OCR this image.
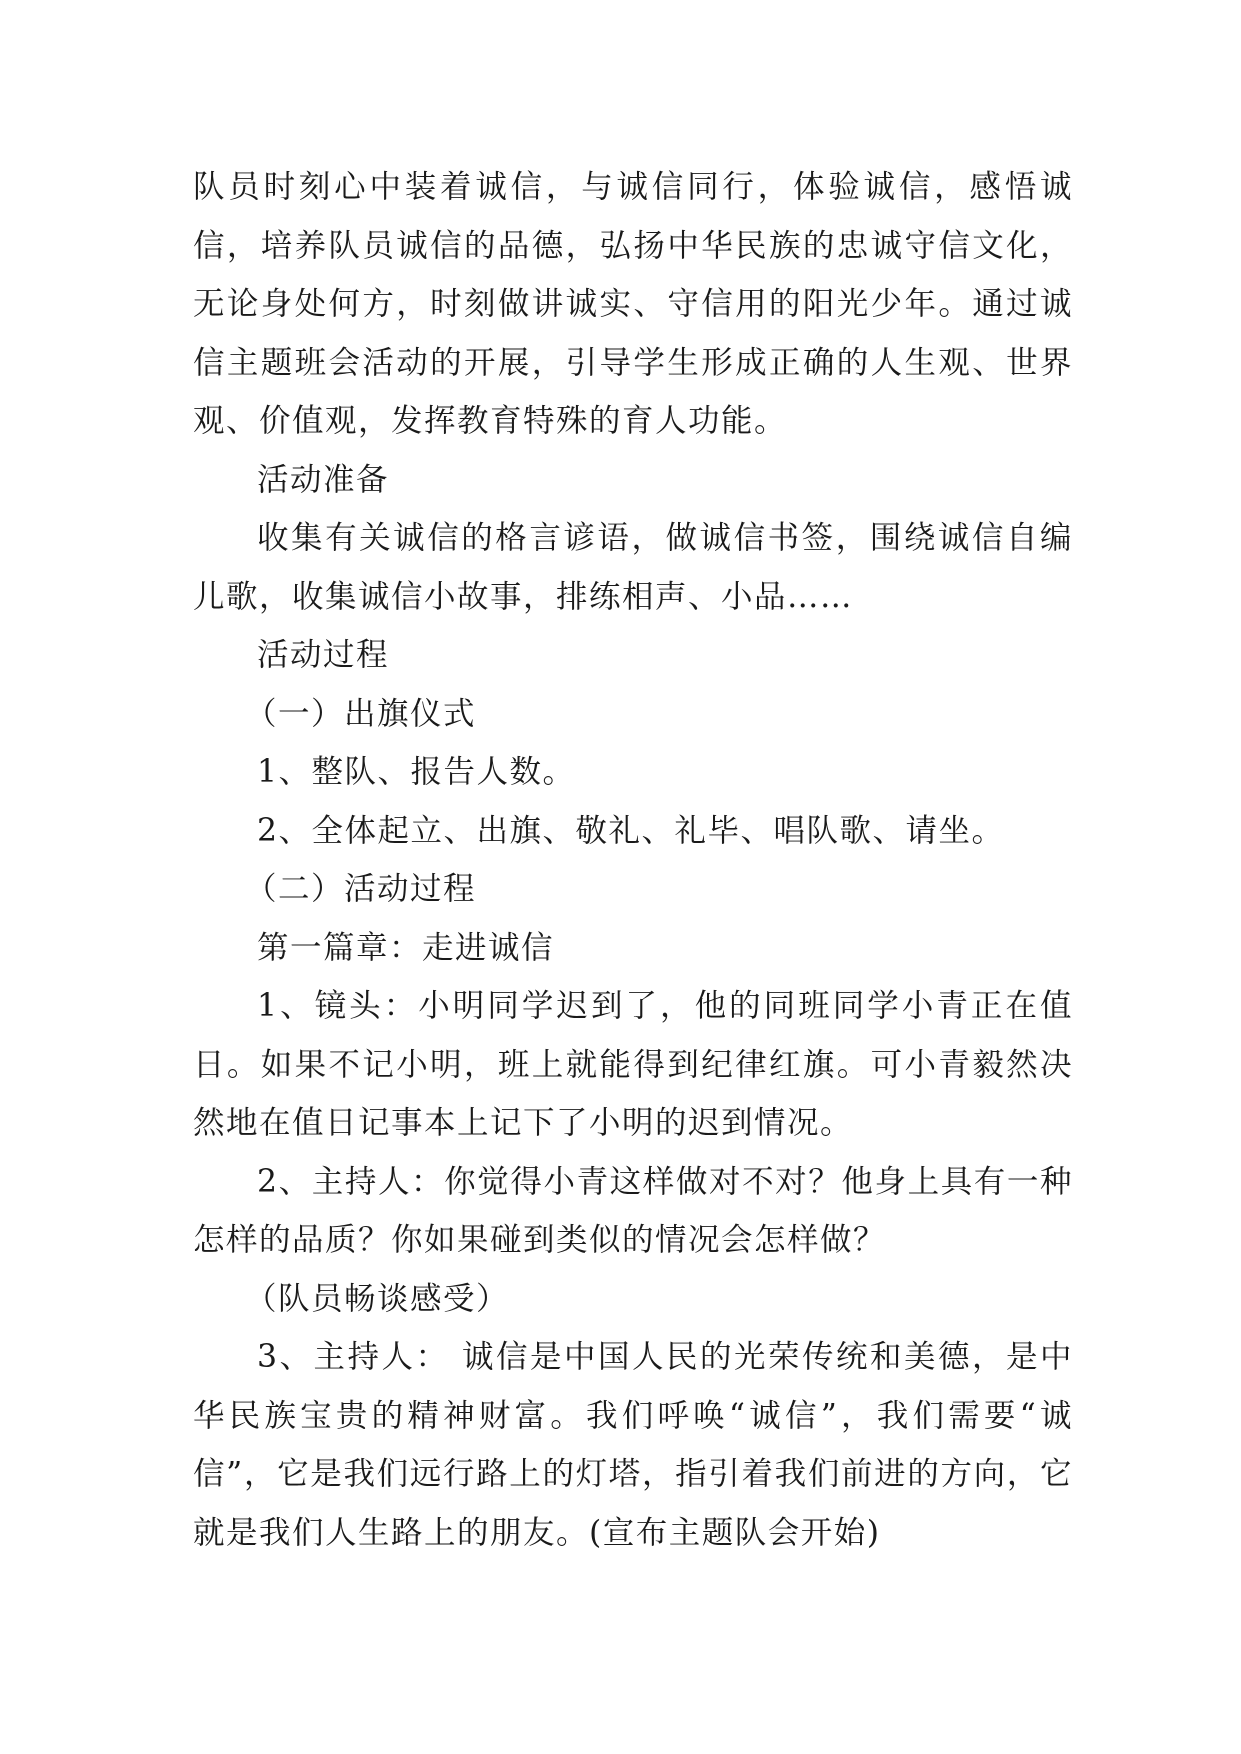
队员时刻心中装着诚信，与诚信同行，体验诚信，感悟诚信，培养队员诚信的品德，弘扬中华民族的忠诚守信文化，无论身处何方，时刻做讲诚实、守信用的阳光少年。通过诚信主题班会活动的开展，引导学生形成正确的人生观、世界观、价值观，发挥教育特殊的育人功能。

活动准备

收集有关诚信的格言谚语，做诚信书签，围绕诚信自编儿歌，收集诚信小故事，排练相声、小品……

活动过程

（一）出旗仪式

1、整队、报告人数。

2、全体起立、出旗、敬礼、礼毕、唱队歌、请坐。

（二）活动过程

第一篇章：走进诚信

1、镜头：小明同学迟到了，他的同班同学小青正在值日。如果不记小明，班上就能得到纪律红旗。可小青毅然决然地在值日记事本上记下了小明的迟到情况。

2、主持人：你觉得小青这样做对不对？他身上具有一种怎样的品质？你如果碰到类似的情况会怎样做？

（队员畅谈感受）

3、主持人： 诚信是中国人民的光荣传统和美德，是中华民族宝贵的精神财富。我们呼唤“诚信”，我们需要“诚信”，它是我们远行路上的灯塔，指引着我们前进的方向，它就是我们人生路上的朋友。(宣布主题队会开始)
